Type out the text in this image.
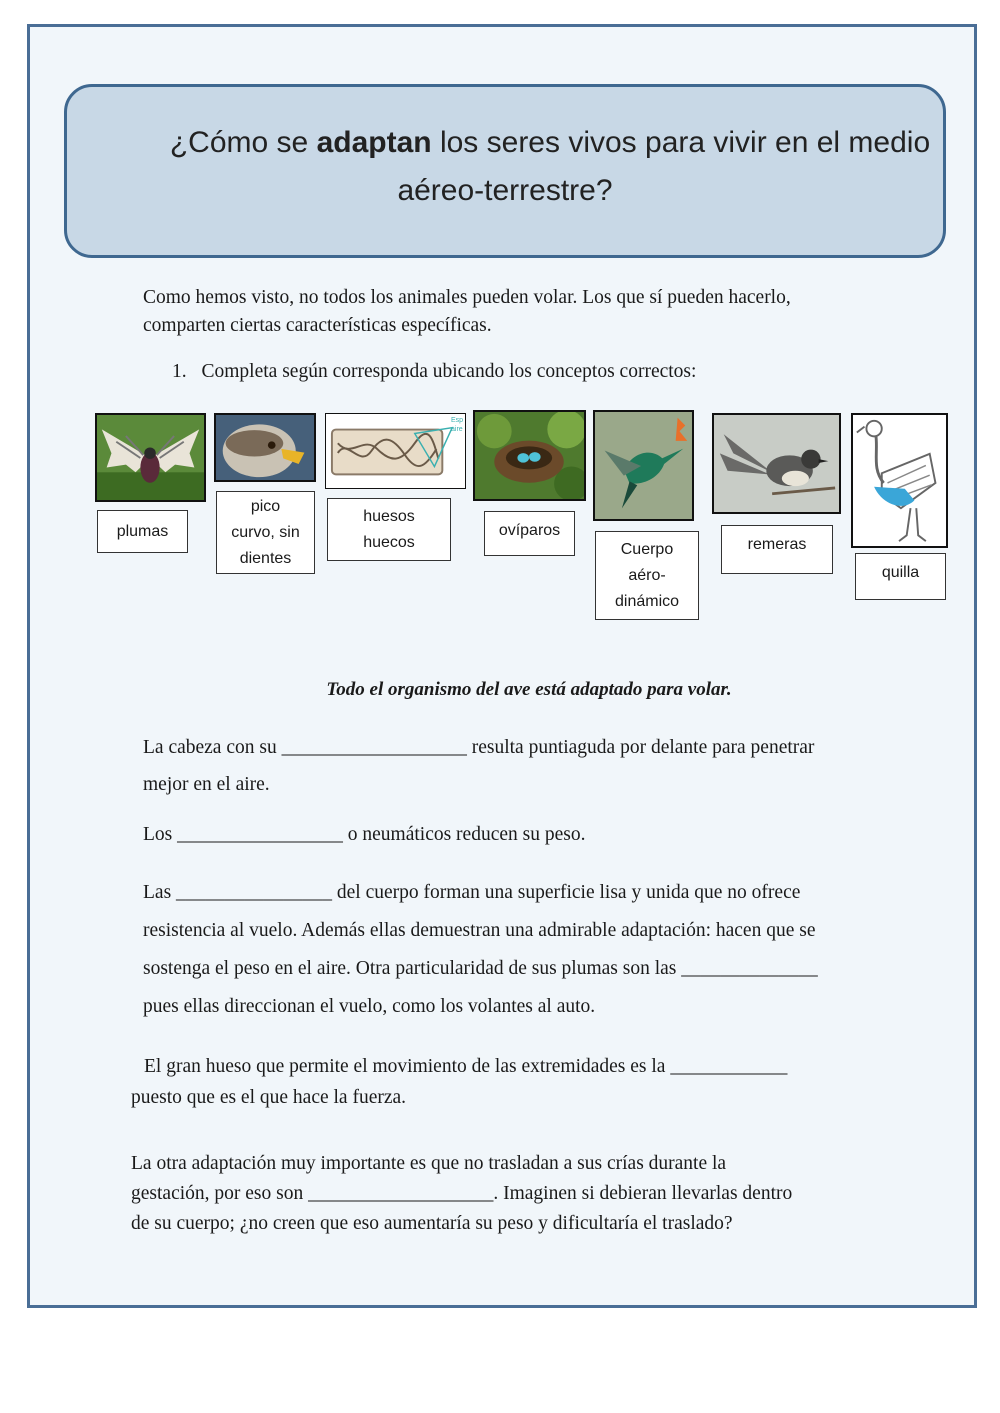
¿Cómo se adaptan los seres vivos para vivir en el medio
aéreo-terrestre?
Como hemos visto, no todos los animales pueden volar. Los que sí pueden hacerlo,
comparten ciertas características específicas.
1. Completa según corresponda ubicando los conceptos correctos:
Esp aire
plumas
pico
curvo, sin
dientes
huesos
huecos
ovíparos
Cuerpo
aéro-
dinámico
remeras
quilla
Todo el organismo del ave está adaptado para volar.
La cabeza con su ___________________ resulta puntiaguda por delante para penetrar
mejor en el aire.
Los _________________ o neumáticos reducen su peso.
Las ________________ del cuerpo forman una superficie lisa y unida que no ofrece
resistencia al vuelo. Además ellas demuestran una admirable adaptación: hacen que se
sostenga el peso en el aire. Otra particularidad de sus plumas son las ______________
pues ellas direccionan el vuelo, como los volantes al auto.
El gran hueso que permite el movimiento de las extremidades es la ____________
puesto que es el que hace la fuerza.
La otra adaptación muy importante es que no trasladan a sus crías durante la
gestación, por eso son ___________________. Imaginen si debieran llevarlas dentro
de su cuerpo; ¿no creen que eso aumentaría su peso y dificultaría el traslado?
